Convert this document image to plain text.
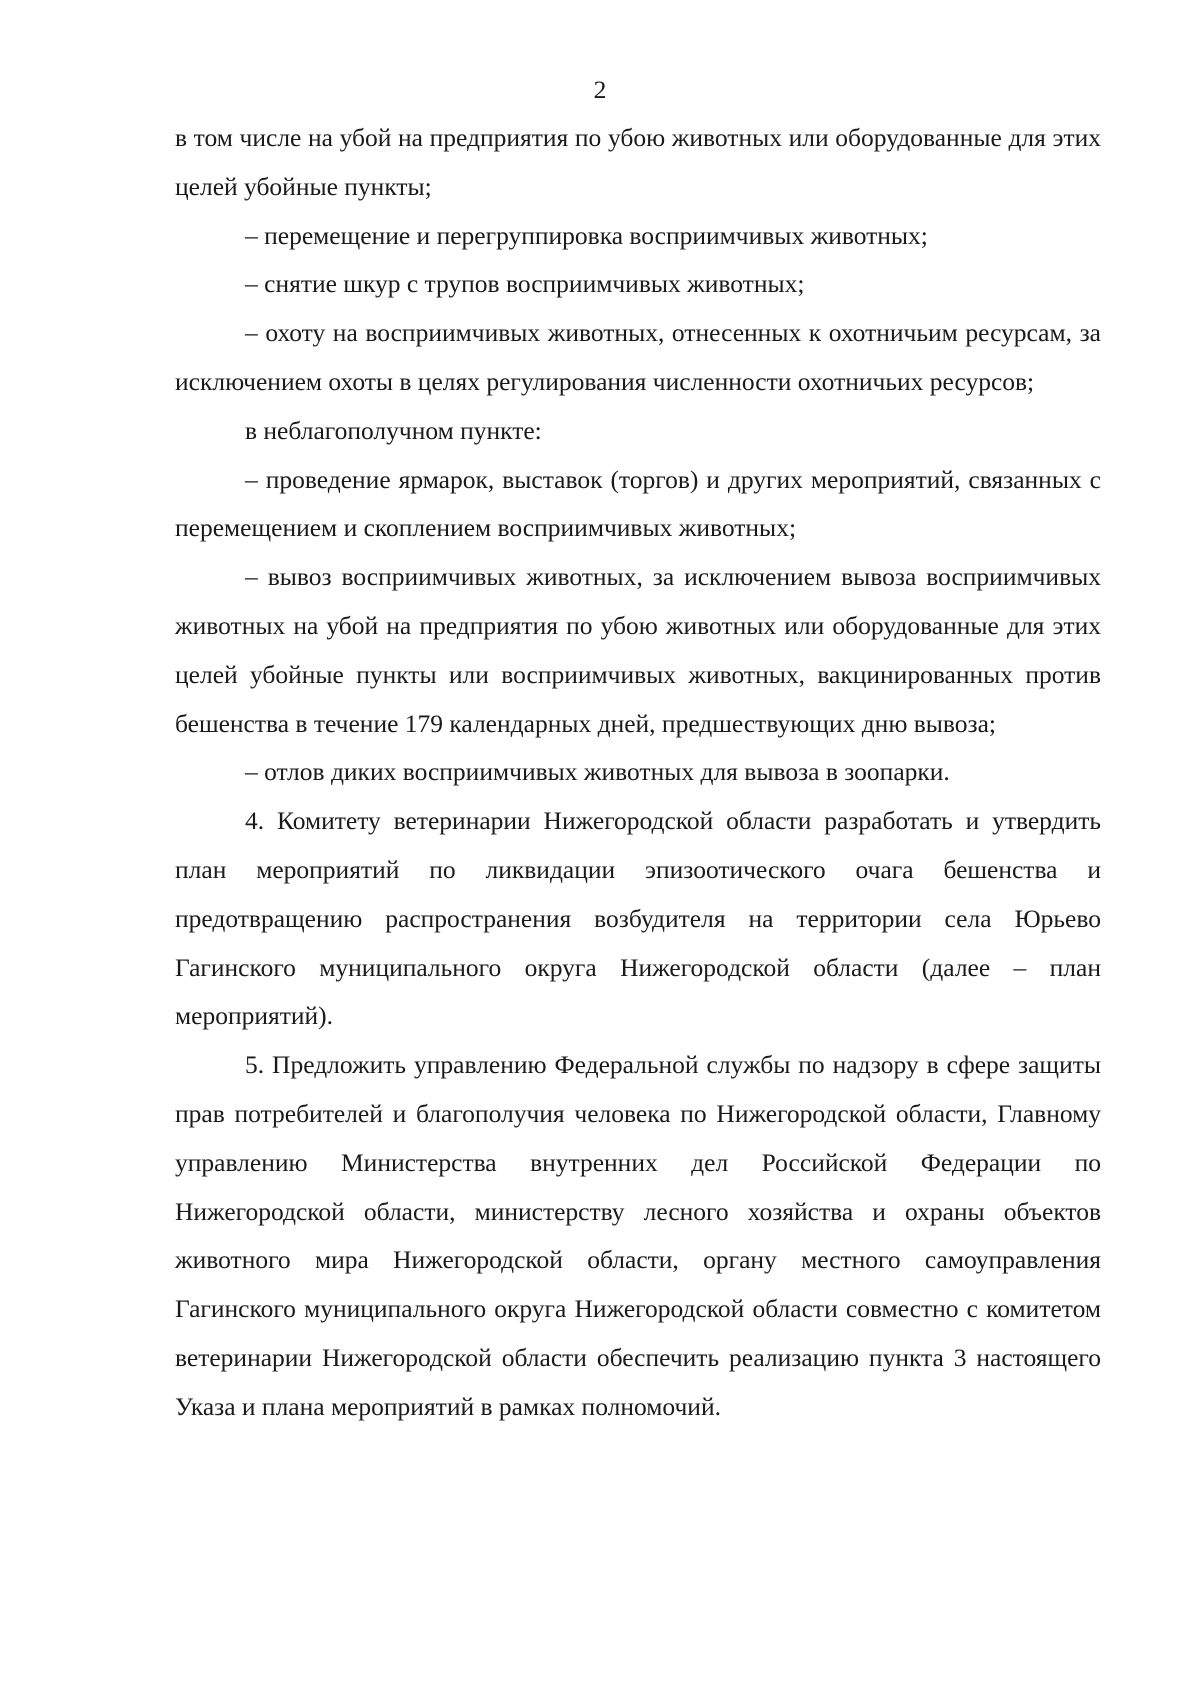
2

в том числе на убой на предприятия по убою животных или оборудованные для этих целей убойные пункты;

– перемещение и перегруппировка восприимчивых животных;

– снятие шкур с трупов восприимчивых животных;

– охоту на восприимчивых животных, отнесенных к охотничьим ресурсам, за исключением охоты в целях регулирования численности охотничьих ресурсов;

в неблагополучном пункте:

– проведение ярмарок, выставок (торгов) и других мероприятий, связанных с перемещением и скоплением восприимчивых животных;

– вывоз восприимчивых животных, за исключением вывоза восприимчивых животных на убой на предприятия по убою животных или оборудованные для этих целей убойные пункты или восприимчивых животных, вакцинированных против бешенства в течение 179 календарных дней, предшествующих дню вывоза;

– отлов диких восприимчивых животных для вывоза в зоопарки.

4. Комитету ветеринарии Нижегородской области разработать и утвердить план мероприятий по ликвидации эпизоотического очага бешенства и предотвращению распространения возбудителя на территории села Юрьево Гагинского муниципального округа Нижегородской области (далее – план мероприятий).

5. Предложить управлению Федеральной службы по надзору в сфере защиты прав потребителей и благополучия человека по Нижегородской области, Главному управлению Министерства внутренних дел Российской Федерации по Нижегородской области, министерству лесного хозяйства и охраны объектов животного мира Нижегородской области, органу местного самоуправления Гагинского муниципального округа Нижегородской области совместно с комитетом ветеринарии Нижегородской области обеспечить реализацию пункта 3 настоящего Указа и плана мероприятий в рамках полномочий.
